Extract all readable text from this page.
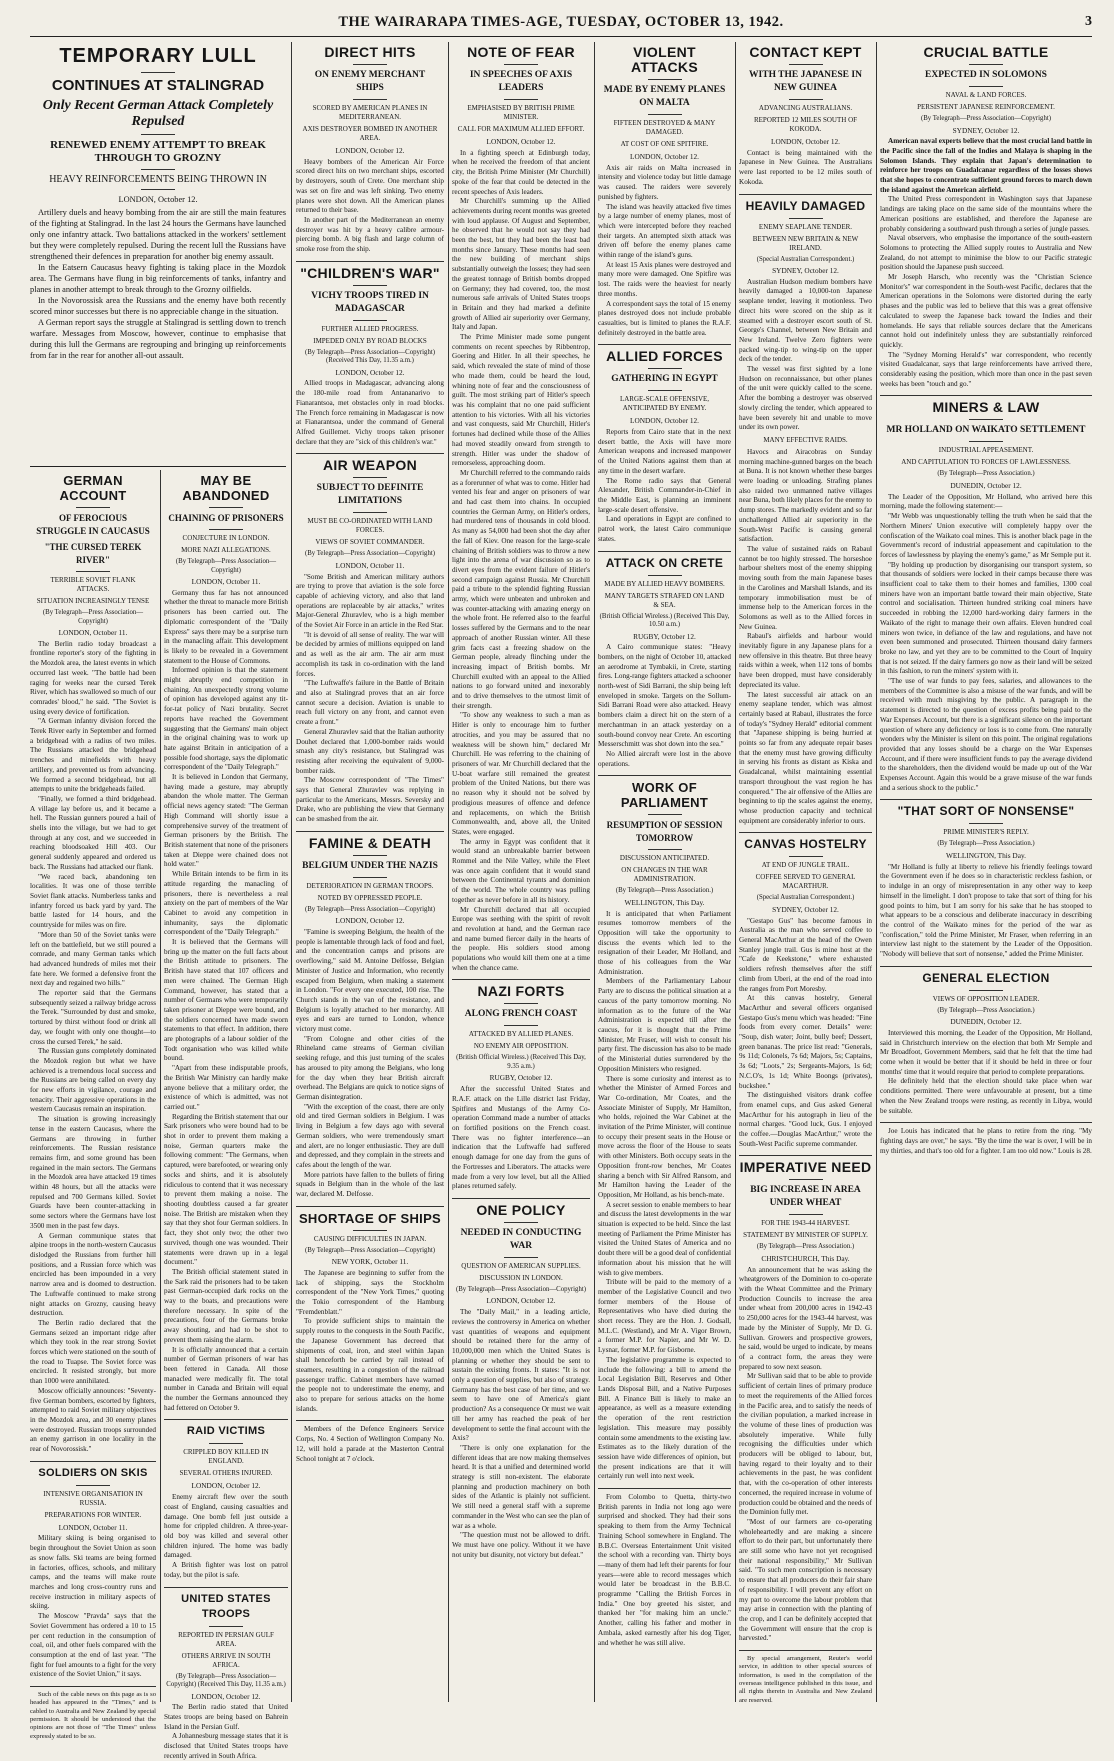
THE WAIRARAPA TIMES-AGE, TUESDAY, OCTOBER 13, 1942.	3
TEMPORARY LULL
CONTINUES AT STALINGRAD
Only Recent German Attack Completely Repulsed
RENEWED ENEMY ATTEMPT TO BREAK THROUGH TO GROZNY
HEAVY REINFORCEMENTS BEING THROWN IN
LONDON, October 12.

Artillery duels and heavy bombing from the air are still the main features of the fighting at Stalingrad. In the last 24 hours the Germans have launched only one infantry attack. Two battalions attacked in the workers' settlement but they were completely repulsed. During the recent lull the Russians have strengthened their defences in preparation for another big enemy assault.

In the Eatsern Caucasus heavy fighting is taking place in the Mozdok area. The Germans have flung in big reinforcements of tanks, infantry and planes in another attempt to break through to the Grozny oilfields.

In the Novorossisk area the Russians and the enemy have both recently scored minor successes but there is no appreciable change in the situation.

A German report says the struggle at Stalingrad is settling down to trench warfare. Messages from Moscow, however, continue to emphasise that during this lull the Germans are regrouping and bringing up reinforcements from far in the rear for another all-out assault.

GERMAN ACCOUNT
OF FEROCIOUS STRUGGLE IN CAUCASUS
"THE CURSED TEREK RIVER"
TERRIBLE SOVIET FLANK ATTACKS.
SITUATION INCREASINGLY TENSE
(By Telegraph—Press Association—Copyright)
LONDON, October 11.

The Berlin radio today broadcast a frontline reporter's story of the fighting in the Mozdok area, the latest events in which occurred last week. "The battle had been raging for weeks near the cursed Terek River, which has swallowed so much of our comrades' blood," he said. "The Soviet is using every device of fortification.

"A German infantry division forced the Terek River early in September and formed a bridgehead with a radius of two miles. The Russians attacked the bridgehead trenches and minefields with heavy artillery, and prevented us from advancing. We formed a second bridgehead, but all attempts to unite the bridgeheads failed.

"Finally, we formed a third bridgehead. A village lay before us, and it became a hell. The Russian gunners poured a hail of shells into the village, but we had to get through at any cost, and we succeeded in reaching bloodsoaked Hill 403. Our general suddenly appeared and ordered us back. The Russians had attacked our flank.

"We raced back, abandoning ten localities. It was one of those terrible Soviet flank attacks. Numberless tanks and infantry forced us back yard by yard. The battle lasted for 14 hours, and the countryside for miles was on fire.

"More than 50 of the Soviet tanks were left on the battlefield, but we still poured a comrade, and many German tanks which had advanced hundreds of miles met their fate here. We formed a defensive front the next day and regained two hills."

The reporter said that the Germans subsequently seized a railway bridge across the Terek. "Surrounded by dust and smoke, tortured by thirst without food or drink all day, we fought with only one thought—to cross the cursed Terek," he said.

The Russian guns completely dominated the Mozdok region but what we have achieved is a tremendous local success and the Russians are being called on every day for new efforts in vigilance, courage and tenacity. Their aggressive operations in the western Caucasus remain an inspiration.

The situation is growing increasingly tense in the eastern Caucasus, where the Germans are throwing in further reinforcements. The Russian resistance remains firm, and some ground has been regained in the main sectors. The Germans in the Mozdok area have attacked 19 times within 48 hours, but all the attacks were repulsed and 700 Germans killed. Soviet Guards have been counter-attacking in some sectors where the Germans have lost 3500 men in the past few days.

A German communique states that alpine troops in the north-western Caucasus dislodged the Russians from further hill positions, and a Russian force which was encircled has been impounded in a very narrow area and is doomed to destruction. The Luftwaffe continued to make strong night attacks on Grozny, causing heavy destruction.

The Berlin radio declared that the Germans seized an important ridge after which they took in the rear strong Soviet forces which were stationed on the south of the road to Tuapse. The Soviet force was encircled. It resisted strongly, but more than 1000 were annihilated.

Moscow officially announces: "Seventy-five German bombers, escorted by fighters, attempted to raid Soviet military objectives in the Mozdok area, and 30 enemy planes were destroyed. Russian troops surrounded an enemy garrison in one locality in the rear of Novorossisk."

SOLDIERS ON SKIS
INTENSIVE ORGANISATION IN RUSSIA.
PREPARATIONS FOR WINTER.
LONDON, October 11.

Military skiing is being organised to begin throughout the Soviet Union as soon as snow falls. Ski teams are being formed in factories, offices, schools, and military camps, and the teams will make route marches and long cross-country runs and receive instruction in military aspects of skiing.

The Moscow "Pravda" says that the Soviet Government has ordered a 10 to 15 per cent reduction in the consumption of coal, oil, and other fuels compared with the consumption at the end of last year. "The fight for fuel amounts to a fight for the very existence of the Soviet Union," it says.

Such of the cable news on this page as is so headed has appeared in the "Times," and is cabled to Australia and New Zealand by special permission. It should be understood that the opinions are not those of "The Times" unless expressly stated to be so.

MAY BE ABANDONED
CHAINING OF PRISONERS
CONJECTURE IN LONDON.
MORE NAZI ALLEGATIONS.
(By Telegraph—Press Association—Copyright)
LONDON, October 11.

Germany thus far has not announced whether the threat to manacle more British prisoners has been carried out. The diplomatic correspondent of the "Daily Express" says there may be a surprise turn in the manacling affair. This development is likely to be revealed in a Government statement to the House of Commons.

Informed opinion is that the statement might abruptly end competition in chaining. An unexpectedly strong volume of opinion has developed against any tit-for-tat policy of Nazi brutality. Secret reports have reached the Government suggesting that the Germans' main object in the original chaining was to work up hate against Britain in anticipation of a possible food shortage, says the diplomatic correspondent of the "Daily Telegraph."

It is believed in London that Germany, having made a gesture, may abruptly abandon the whole matter. The German official news agency stated: "The German High Command will shortly issue a comprehensive survey of the treatment of German prisoners by the British. The British statement that none of the prisoners taken at Dieppe were chained does not hold water."

While Britain intends to be firm in its attitude regarding the manacling of prisoners, there is nevertheless a real anxiety on the part of members of the War Cabinet to avoid any competition in inhumanity, says the diplomatic correspondent of the "Daily Telegraph."

It is believed that the Germans will bring up the matter on the full facts about the British attitude to prisoners. The British have stated that 107 officers and men were chained. The German High Command, however, has stated that a number of Germans who were temporarily taken prisoner at Dieppe were bound, and the soldiers concerned have made sworn statements to that effect. In addition, there are photographs of a labour soldier of the Todt organisation who was killed while bound.

"Apart from these indisputable proofs, the British War Ministry can hardly make anyone believe that a military order, the existence of which is admitted, was not carried out."

Regarding the British statement that our Sark prisoners who were bound had to be shot in order to prevent them making a noise, German quarters make the following comment: "The Germans, when captured, were barefooted, or wearing only socks and shirts, and it is absolutely ridiculous to contend that it was necessary to prevent them making a noise. The shooting doubtless caused a far greater noise. The British are mistaken when they say that they shot four German soldiers. In fact, they shot only two; the other two survived, though one was wounded. Their statements were drawn up in a legal document."

The British official statement stated in the Sark raid the prisoners had to be taken past German-occupied dark rocks on the way to the boats, and precautions were therefore necessary. In spite of the precautions, four of the Germans broke away shouting, and had to be shot to prevent them raising the alarm.

It is officially announced that a certain number of German prisoners of war has been fettered in Canada. All those manacled were medically fit. The total number in Canada and Britain will equal the number the Germans announced they had fettered on October 9.

RAID VICTIMS
CRIPPLED BOY KILLED IN ENGLAND.
SEVERAL OTHERS INJURED.
LONDON, October 12.

Enemy aircraft flew over the south coast of England, causing casualties and damage. One bomb fell just outside a home for crippled children. A three-year-old boy was killed and several other children injured. The home was badly damaged.

A British fighter was lost on patrol today, but the pilot is safe.

UNITED STATES TROOPS
REPORTED IN PERSIAN GULF AREA.
OTHERS ARRIVE IN SOUTH AFRICA.
(By Telegraph—Press Association—Copyright) (Received This Day, 11.35 a.m.)
LONDON, October 12.

The Berlin radio stated that United States troops are being based on Bahrein Island in the Persian Gulf.

A Johannesburg message states that it is disclosed that United States troops have recently arrived in South Africa.

DIRECT HITS
ON ENEMY MERCHANT SHIPS
SCORED BY AMERICAN PLANES IN MEDITERRANEAN.
AXIS DESTROYER BOMBED IN ANOTHER AREA.
LONDON, October 12.

Heavy bombers of the American Air Force scored direct hits on two merchant ships, escorted by destroyers, south of Crete. One merchant ship was set on fire and was left sinking. Two enemy planes were shot down. All the American planes returned to their base.

In another part of the Mediterranean an enemy destroyer was hit by a heavy calibre armour-piercing bomb. A big flash and large column of smoke rose from the ship.

"CHILDREN'S WAR"
VICHY TROOPS TIRED IN MADAGASCAR
FURTHER ALLIED PROGRESS.
IMPEDED ONLY BY ROAD BLOCKS
(By Telegraph—Press Association—Copyright) (Received This Day, 11.35 a.m.)
LONDON, October 12.

Allied troops in Madagascar, advancing along the 180-mile road from Antananarivo to Fianarantsoa, met obstacles only in road blocks. The French force remaining in Madagascar is now at Fianarantsoa, under the command of General Alfred Guillemet. Vichy troops taken prisoner declare that they are "sick of this children's war."

AIR WEAPON
SUBJECT TO DEFINITE LIMITATIONS
MUST BE CO-ORDINATED WITH LAND FORCES.
VIEWS OF SOVIET COMMANDER.
(By Telegraph—Press Association—Copyright)
LONDON, October 11.

"Some British and American military authors are trying to prove that aviation is the sole force capable of achieving victory, and also that land operations are replaceable by air attacks," writes Major-General Zhuravlev, who is a high member of the Soviet Air Force in an article in the Red Star.

"It is devoid of all sense of reality. The war will be decided by armies of millions equipped on land and as well as the air arm. The air arm must accomplish its task in co-ordination with the land forces.

"The Luftwaffe's failure in the Battle of Britain and also at Stalingrad proves that an air force cannot secure a decision. Aviation is unable to reach full victory on any front, and cannot even create a front."

General Zhuravlev said that the Italian authority Douhet declared that 1,000-bomber raids would smash any city's resistance, but Stalingrad was resisting after receiving the equivalent of 9,000-bomber raids.

The Moscow correspondent of "The Times" says that General Zhuravlev was replying in particular to the Americans, Messrs. Seversky and Drake, who are publishing the view that Germany can be smashed from the air.

FAMINE & DEATH
BELGIUM UNDER THE NAZIS
DETERIORATION IN GERMAN TROOPS.
NOTED BY OPPRESSED PEOPLE.
(By Telegraph—Press Association—Copyright)
LONDON, October 12.

"Famine is sweeping Belgium, the health of the people is lamentable through lack of food and fuel, and the concentration camps and prisons are overflowing," said M. Antoine Delfosse, Belgian Minister of Justice and Information, who recently escaped from Belgium, when making a statement in London. "For every one executed, 100 rise. The Church stands in the van of the resistance, and Belgium is loyally attached to her monarchy. All eyes and ears are turned to London, whence victory must come.

"From Cologne and other cities of the Rhineland came streams of German civilian seeking refuge, and this just turning of the scales has aroused to pity among the Belgians, who long for the day when they hear British aircraft overhead. The Belgians are quick to notice signs of German disintegration.

"With the exception of the coast, there are only old and tired German soldiers in Belgium. I was living in Belgium a few days ago with several German soldiers, who were tremendously smart and alert, are no longer enthusiastic. They are dull and depressed, and they complain in the streets and cafes about the length of the war.

More patriots have fallen to the bullets of firing squads in Belgium than in the whole of the last war, declared M. Delfosse.

SHORTAGE OF SHIPS
CAUSING DIFFICULTIES IN JAPAN.
(By Telegraph—Press Association—Copyright)
NEW YORK, October 11.

The Japanese are beginning to suffer from the lack of shipping, says the Stockholm correspondent of the "New York Times," quoting the Tokio correspondent of the Hamburg "Fremdenblatt."

To provide sufficient ships to maintain the supply routes to the conquests in the South Pacific, the Japanese Government has decreed that shipments of coal, iron, and steel within Japan shall henceforth be carried by rail instead of steamers, resulting in a congestion of the railroad passenger traffic. Cabinet members have warned the people not to underestimate the enemy, and also to prepare for serious attacks on the home islands.

Members of the Defence Engineers Service Corps, No. 4 Section of Wellington Company No. 12, will hold a parade at the Masterton Central School tonight at 7 o'clock.

NOTE OF FEAR
IN SPEECHES OF AXIS LEADERS
EMPHASISED BY BRITISH PRIME MINISTER.
CALL FOR MAXIMUM ALLIED EFFORT.
LONDON, October 12.

In a fighting speech at Edinburgh today, when he received the freedom of that ancient city, the British Prime Minister (Mr Churchill) spoke of the fear that could be detected in the recent speeches of Axis leaders.

Mr Churchill's summing up the Allied achievements during recent months was greeted with loud applause. Of August and September, he observed that he would not say they had been the best, but they had been the least bad months since January. These months had seen the new building of merchant ships substantially outweigh the losses; they had seen the greatest tonnage of British bombs dropped on Germany; they had covered, too, the most numerous safe arrivals of United States troops in Britain and they had marked a definite growth of Allied air superiority over Germany, Italy and Japan.

The Prime Minister made some pungent comments on recent speeches by Ribbentrop, Goering and Hitler. In all their speeches, he said, which revealed the state of mind of those who made them, could be heard the loud, whining note of fear and the consciousness of guilt. The most striking part of Hitler's speech was his complaint that no one paid sufficient attention to his victories. With all his victories and vast conquests, said Mr Churchill, Hitler's fortunes had declined while those of the Allies had moved steadily onward from strength to strength. Hitler was under the shadow of remorseless, approaching doom.

Mr Churchill referred to the commando raids as a forerunner of what was to come. Hitler had vented his fear and anger on prisoners of war and had cast them into chains. In occupied countries the German Army, on Hitler's orders, had murdered tens of thousands in cold blood. As many as 54,000 had been shot the day after the fall of Kiev. One reason for the large-scale chaining of British soldiers was to throw a new light into the arena of war discussion so as to divert eyes from the evident failure of Hitler's second campaign against Russia. Mr Churchill paid a tribute to the splendid fighting Russian army, which were unbeaten and unbroken and was counter-attacking with amazing energy on the whole front. He referred also to the fearful losses suffered by the Germans and to the near approach of another Russian winter. All these grim facts cast a freezing shadow on the German people, already flinching under the increasing impact of British bombs. Mr Churchill exulted with an appeal to the Allied nations to go forward united and inexorably and to drive themselves to the utmost limit of their strength.

"To show any weakness to such a man as Hitler is only to encourage him to further atrocities, and you may be assured that no weakness will be shown him," declared Mr Churchill. He was referring to the chaining of prisoners of war. Mr Churchill declared that the U-boat warfare still remained the greatest problem of the United Nations, but there was no reason why it should not be solved by prodigious measures of offence and defence and replacements, on which the British Commonwealth, and, above all, the United States, were engaged.

The army in Egypt was confident that it would stand an unbreakable barrier between Rommel and the Nile Valley, while the Fleet was once again confident that it would stand between the Continental tyrants and dominion of the world. The whole country was pulling together as never before in all its history.

Mr Churchill declared that all occupied Europe was seething with the spirit of revolt and revolution at hand, and the German race and name burned fiercer daily in the hearts of the people. His soldiers stood among populations who would kill them one at a time when the chance came.

NAZI FORTS
ALONG FRENCH COAST
ATTACKED BY ALLIED PLANES.
NO ENEMY AIR OPPOSITION.
(British Official Wireless.) (Received This Day, 9.35 a.m.)
RUGBY, October 12.

After the successful United States and R.A.F. attack on the Lille district last Friday, Spitfires and Mustangs of the Army Co-operation Command made a number of attacks on fortified positions on the French coast. There was no fighter interference—an indication that the Luftwaffe had suffered enough damage for one day from the guns of the Fortresses and Liberators. The attacks were made from a very low level, but all the Allied planes returned safely.

ONE POLICY
NEEDED IN CONDUCTING WAR
QUESTION OF AMERICAN SUPPLIES.
DISCUSSION IN LONDON.
(By Telegraph—Press Association—Copyright)
LONDON, October 12.

The "Daily Mail," in a leading article, reviews the controversy in America on whether vast quantities of weapons and equipment should be retained there for the army of 10,000,000 men which the United States is planning or whether they should be sent to sustain the existing fronts. It states: "It is not only a question of supplies, but also of strategy. Germany has the best case of her time, and we seem to have one of America's giant production? As a consequence Or must we wait till her army has reached the peak of her development to settle the final account with the Axis?

"There is only one explanation for the different ideas that are now making themselves heard. It is that a unified and determined world strategy is still non-existent. The elaborate planning and production machinery on both sides of the Atlantic is plainly not sufficient. We still need a general staff with a supreme commander in the West who can see the plan of war as a whole.

"The question must not be allowed to drift. We must have one policy. Without it we have not unity but disunity, not victory but defeat."

VIOLENT ATTACKS
MADE BY ENEMY PLANES ON MALTA
FIFTEEN DESTROYED & MANY DAMAGED.
AT COST OF ONE SPITFIRE.
LONDON, October 12.

Axis air raids on Malta increased in intensity and violence today but little damage was caused. The raiders were severely punished by fighters.

The island was heavily attacked five times by a large number of enemy planes, most of which were intercepted before they reached their targets. An attempted sixth attack was driven off before the enemy planes came within range of the island's guns.

At least 15 Axis planes were destroyed and many more were damaged. One Spitfire was lost. The raids were the heaviest for nearly three months.

A correspondent says the total of 15 enemy planes destroyed does not include probable casualties, but is limited to planes the R.A.F. definitely destroyed in the battle area.

ALLIED FORCES
GATHERING IN EGYPT
LARGE-SCALE OFFENSIVE, ANTICIPATED BY ENEMY.
LONDON, October 12.

Reports from Cairo state that in the next desert battle, the Axis will have more American weapons and increased manpower of the United Nations against them than at any time in the desert warfare.

The Rome radio says that General Alexander, British Commander-in-Chief in the Middle East, is planning an imminent large-scale desert offensive.

Land operations in Egypt are confined to patrol work, the latest Cairo communique states.

ATTACK ON CRETE
MADE BY ALLIED HEAVY BOMBERS.
MANY TARGETS STRAFED ON LAND & SEA.
(British Official Wireless.) (Received This Day, 10.50 a.m.)
RUGBY, October 12.

A Cairo communique states: "Heavy bombers, on the night of October 10, attacked an aerodrome at Tymbakii, in Crete, starting fires. Long-range fighters attacked a schooner north-west of Sidi Barrani, the ship being left enveloped in smoke. Targets on the Sollum-Sidi Barrani Road were also attacked. Heavy bombers claim a direct hit on the stern of a merchantman in an attack yesterday on a south-bound convoy near Crete. An escorting Messerschmitt was shot down into the sea."

No Allied aircraft were lost in the above operations.

WORK OF PARLIAMENT
RESUMPTION OF SESSION TOMORROW
DISCUSSION ANTICIPATED.
ON CHANGES IN THE WAR ADMINISTRATION.
(By Telegraph—Press Association.)
WELLINGTON, This Day.

It is anticipated that when Parliament resumes tomorrow members of the Opposition will take the opportunity to discuss the events which led to the resignation of their Leader, Mr Holland, and those of his colleagues from the War Administration.

Members of the Parliamentary Labour Party are to discuss the political situation at a caucus of the party tomorrow morning. No information as to the future of the War Administration is expected till after the caucus, for it is thought that the Prime Minister, Mr Fraser, will wish to consult his party first. The discussion has also to be made of the Ministerial duties surrendered by the Opposition Ministers who resigned.

There is some curiosity and interest as to whether the Minister of Armed Forces and War Co-ordination, Mr Coates, and the Associate Minister of Supply, Mr Hamilton, who holds, rejoined the War Cabinet at the invitation of the Prime Minister, will continue to occupy their present seats in the House or move across the floor of the House to seats with other Ministers. Both occupy seats in the Opposition front-row benches, Mr Coates sharing a bench with Sir Alfred Ransom, and Mr Hamilton having the Leader of the Opposition, Mr Holland, as his bench-mate.

A secret session to enable members to hear and discuss the latest developments in the war situation is expected to be held. Since the last meeting of Parliament the Prime Minister has visited the United States of America and no doubt there will be a good deal of confidential information about his mission that he will wish to give members.

Tribute will be paid to the memory of a member of the Legislative Council and two former members of the House of Representatives who have died during the short recess. They are the Hon. J. Godsall, M.L.C. (Westland), and Mr A. Vigor Brown, a former M.P. for Napier, and Mr W. D. Lysnar, former M.P. for Gisborne.

The legislative programme is expected to include the following: a bill to amend the Local Legislation Bill, Reserves and Other Lands Disposal Bill, and a Native Purposes Bill. A Finance Bill is likely to make an appearance, as well as a measure extending the operation of the rent restriction legislation. This measure may possibly contain some amendments to the existing law. Estimates as to the likely duration of the session have wide differences of opinion, but the present indications are that it will certainly run well into next week.

From Colombo to Quetta, thirty-two British parents in India not long ago were surprised and shocked. They had their sons speaking to them from the Army Technical Training School somewhere in England. The B.B.C. Overseas Entertainment Unit visited the school with a recording van. Thirty boys—many of them had left their parents for four years—were able to record messages which would later be broadcast in the B.B.C. programme "Calling the British Forces in India." One boy greeted his sister, and thanked her "for making him an uncle." Another, calling his father and mother in Ambala, asked earnestly after his dog Tiger, and whether he was still alive.

CONTACT KEPT
WITH THE JAPANESE IN NEW GUINEA
ADVANCING AUSTRALIANS.
REPORTED 12 MILES SOUTH OF KOKODA.
LONDON, October 12.

Contact is being maintained with the Japanese in New Guinea. The Australians were last reported to be 12 miles south of Kokoda.

HEAVILY DAMAGED
ENEMY SEAPLANE TENDER.
BETWEEN NEW BRITAIN & NEW IRELAND.
(Special Australian Correspondent.)
SYDNEY, October 12.

Australian Hudson medium bombers have heavily damaged a 10,000-ton Japanese seaplane tender, leaving it motionless. Two direct hits were scored on the ship as it steamed with a destroyer escort south of St. George's Channel, between New Britain and New Ireland. Twelve Zero fighters were packed wing-tip to wing-tip on the upper deck of the tender.

The vessel was first sighted by a lone Hudson on reconnaissance, but other planes of the unit were quickly called to the scene. After the bombing a destroyer was observed slowly circling the tender, which appeared to have been severely hit and unable to move under its own power.

MANY EFFECTIVE RAIDS.

Havocs and Airacobras on Sunday morning machine-gunned barges on the beach at Buna. It is not known whether these barges were loading or unloading. Strafing planes also raided two unmanned native villages near Buna, both likely places for the enemy to dump stores. The markedly evident and so far unchallenged Allied air superiority in the South-West Pacific is causing general satisfaction.

The value of sustained raids on Rabaul cannot be too highly stressed. The horseshoe harbour shelters most of the enemy shipping moving south from the main Japanese bases in the Carolines and Marshall Islands, and its temporary immobilisation must be of immense help to the American forces in the Solomons as well as to the Allied forces in New Guinea.

Rabaul's airfields and harbour would inevitably figure in any Japanese plans for a new offensive in this theatre. But three heavy raids within a week, when 112 tons of bombs have been dropped, must have considerably depreciated its value.

The latest successful air attack on an enemy seaplane tender, which was almost certainly based at Rabaul, illustrates the force of today's "Sydney Herald" editorial comment that "Japanese shipping is being hurried at points so far from any adequate repair bases that the enemy must have growing difficulty in serving his fronts as distant as Kiska and Guadalcanal, whilst maintaining essential transport throughout the vast region he has conquered." The air offensive of the Allies are beginning to tip the scales against the enemy, whose production capacity and technical equipment are considerably inferior to ours.

CANVAS HOSTELRY
AT END OF JUNGLE TRAIL.
COFFEE SERVED TO GENERAL MACARTHUR.
(Special Australian Correspondent.)
SYDNEY, October 12.

"Gestapo Gus" has become famous in Australia as the man who served coffee to General MacArthur at the head of the Owen Stanley jungle trail. Gus is mine host at the "Cafe de Keekstone," where exhausted soldiers refresh themselves after the stiff climb from Uberi, at the end of the road into the ranges from Port Moresby.

At this canvas hostelry, General MacArthur and several officers organised Gestapo Gus's menu which was headed: "Fine foods from every corner. Details" were: "Soup, dish water; Joint, bully beef; Dessert, green bananas. The price list read: "Generals, 9s 11d; Colonels, 7s 6d; Majors, 5s; Captains, 3s 6d; "Loots," 2s; Sergeants-Majors, 1s 6d; N.C.O's, 1s 1d; White Boongs (privates), buckshee."

The distinguished visitors drank coffee from enamel cups, and Gus asked General MacArthur for his autograph in lieu of the normal charges. "Good luck, Gus. I enjoyed the coffee.—Douglas MacArthur," wrote the South-West Pacific supreme commander.

IMPERATIVE NEED
BIG INCREASE IN AREA UNDER WHEAT
FOR THE 1943-44 HARVEST.
STATEMENT BY MINISTER OF SUPPLY.
(By Telegraph—Press Association.)
CHRISTCHURCH, This Day.

An announcement that he was asking the wheatgrowers of the Dominion to co-operate with the Wheat Committee and the Primary Production Councils to increase the area under wheat from 200,000 acres in 1942-43 to 250,000 acres for the 1943-44 harvest, was made by the Minister of Supply, Mr D. G. Sullivan. Growers and prospective growers, he said, would be urged to indicate, by means of a contract form, the areas they were prepared to sow next season.

Mr Sullivan said that to be able to provide sufficient of certain lines of primary produce to meet the requirements of the Allied forces in the Pacific area, and to satisfy the needs of the civilian population, a marked increase in the volume of these lines of production was absolutely imperative. While fully recognising the difficulties under which producers will be obliged to labour, but, having regard to their loyalty and to their achievements in the past, he was confident that, with the co-operation of other interests concerned, the required increase in volume of production could be obtained and the needs of the Dominion fully met.

"Most of our farmers are co-operating wholeheartedly and are making a sincere effort to do their part, but unfortunately there are still some who have not yet recognised their national responsibility," Mr Sullivan said. "To such men conscription is necessary to ensure that all producers do their fair share of responsibility. I will prevent any effort on my part to overcome the labour problem that may arise in connection with the planting of the crop, and I can be definitely accepted that the Government will ensure that the crop is harvested."

By special arrangement, Reuter's world service, in addition to other special sources of information, is used in the compilation of the overseas intelligence published in this issue, and all rights therein in Australia and New Zealand are reserved.

CRUCIAL BATTLE
EXPECTED IN SOLOMONS
NAVAL & LAND FORCES.
PERSISTENT JAPANESE REINFORCEMENT.
(By Telegraph—Press Association—Copyright)
SYDNEY, October 12.

American naval experts believe that the most crucial land battle in the Pacific since the fall of the Indies and Malaya is shaping in the Solomon Islands. They explain that Japan's determination to reinforce her troops on Guadalcanar regardless of the losses shows that she hopes to concentrate sufficient ground forces to march down the island against the American airfield.

The United Press correspondent in Washington says that Japanese landings are taking place on the same side of the mountains where the American positions are established, and therefore the Japanese are probably considering a southward push through a series of jungle passes.

Naval observers, who emphasise the importance of the south-eastern Solomons to protecting the Allied supply routes to Australia and New Zealand, do not attempt to minimise the blow to our Pacific strategic position should the Japanese push succeed.

Mr Joseph Harsch, who recently was the "Christian Science Monitor's" war correspondent in the South-west Pacific, declares that the American operations in the Solomons were distorted during the early phases and the public was led to believe that this was a great offensive calculated to sweep the Japanese back toward the Indies and their homelands. He says that reliable sources declare that the Americans cannot hold out indefinitely unless they are substantially reinforced quickly.

The "Sydney Morning Herald's" war correspondent, who recently visited Guadalcanar, says that large reinforcements have arrived there, considerably easing the position, which more than once in the past seven weeks has been "touch and go."

MINERS & LAW
MR HOLLAND ON WAIKATO SETTLEMENT
INDUSTRIAL APPEASEMENT.
AND CAPITULATION TO FORCES OF LAWLESSNESS.
(By Telegraph—Press Association.)
DUNEDIN, October 12.

The Leader of the Opposition, Mr Holland, who arrived here this morning, made the following statement:—

"Mr Webb was unquestionably telling the truth when he said that the Northern Miners' Union executive will completely happy over the confiscation of the Waikato coal mines. This is another black page in the Government's record of industrial appeasement and capitulation to the forces of lawlessness by playing the enemy's game," as Mr Semple put it.

"By holding up production by disorganising our transport system, so that thousands of soldiers were locked in their camps because there was insufficient coal to take them to their homes and families, 1300 coal miners have won an important battle toward their main objective, State control and socialisation. Thirteen hundred striking coal miners have succeeded in robbing the 12,000 hard-working dairy farmers in the Waikato of the right to manage their own affairs. Eleven hundred coal miners won twice, in defiance of the law and regulations, and have not even been summoned and prosecuted. Thirteen thousand dairy farmers broke no law, and yet they are to be committed to the Court of Inquiry that is not seized. If the dairy farmers go now as their land will be seized in this fashion, to run the miners' system with it.

"The use of war funds to pay fees, salaries, and allowances to the members of the Committee is also a misuse of the war funds, and will be received with much misgiving by the public. A paragraph in the statement is directed to the question of excess profits being paid to the War Expenses Account, but there is a significant silence on the important question of where any deficiency or loss is to come from. One naturally wonders why the Minister is silent on this point. The original regulations provided that any losses should be a charge on the War Expenses Account, and if there were insufficient funds to pay the average dividend to the shareholders, then the dividend would be made up out of the War Expenses Account. Again this would be a grave misuse of the war funds and a serious shock to the public."

"THAT SORT OF NONSENSE"
PRIME MINISTER'S REPLY.
(By Telegraph—Press Association.)
WELLINGTON, This Day.

"Mr Holland is fully at liberty to relieve his friendly feelings toward the Government even if he does so in characteristic reckless fashion, or to indulge in an orgy of misrepresentation in any other way to keep himself in the limelight. I don't propose to take that sort of thing for his good points to him, but I am sorry for his sake that he has stooped to what appears to be a conscious and deliberate inaccuracy in describing the control of the Waikato mines for the period of the war as "confiscation," told the Prime Minister, Mr Fraser, when referring in an interview last night to the statement by the Leader of the Opposition. "Nobody will believe that sort of nonsense," added the Prime Minister.

GENERAL ELECTION
VIEWS OF OPPOSITION LEADER.
(By Telegraph—Press Association.)
DUNEDIN, October 12.

Interviewed this morning, the Leader of the Opposition, Mr Holland, said in Christchurch interview on the election that both Mr Semple and Mr Broadfoot, Government Members, said that he felt that the time had come when it would be better that if it should be held in three or four months' time that it would require that period to complete preparations.

He definitely held that the election should take place when war conditions permitted. There were unfavourable at present, but a time when the New Zealand troops were resting, as recently in Libya, would be suitable.

Joe Louis has indicated that he plans to retire from the ring. "My fighting days are over," he says. "By the time the war is over, I will be in my thirties, and that's too old for a fighter. I am too old now." Louis is 28.
